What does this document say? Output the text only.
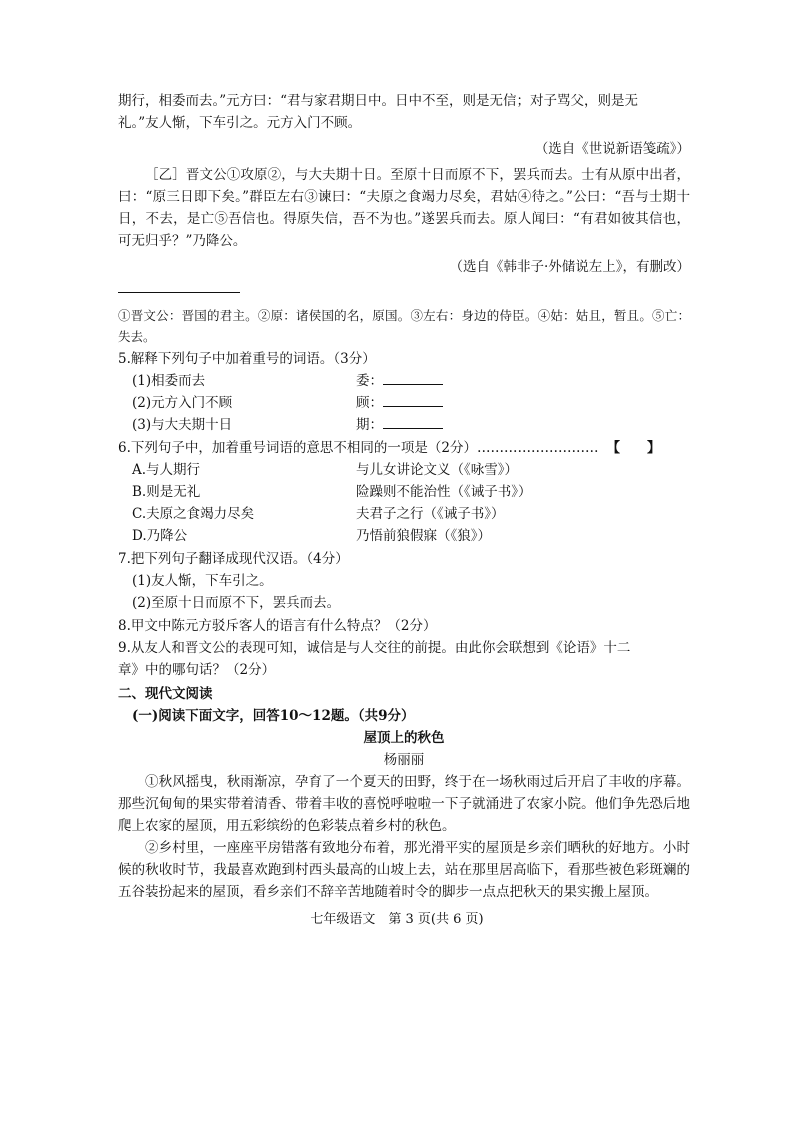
期行，相委而去。”元方曰：“君与家君期日中。日中不至，则是无信；对子骂父，则是无
礼。”友人惭，下车引之。元方入门不顾。
（选自《世说新语笺疏》）
［乙］晋文公①攻原②，与大夫期十日。至原十日而原不下，罢兵而去。士有从原中出者，曰：“原三日即下矣。”群臣左右③谏曰：“夫原之食竭力尽矣，君姑④待之。”公曰：“吾与士期十日，不去，是亡⑤吾信也。得原失信，吾不为也。”遂罢兵而去。原人闻曰：“有君如彼其信也，可无归乎？”乃降公。
（选自《韩非子·外储说左上》，有删改）
①晋文公：晋国的君主。②原：诸侯国的名，原国。③左右：身边的侍臣。④姑：姑且，暂且。⑤亡：失去。
5.解释下列句子中加着重号的词语。（3分）
(1)相委而去	委：
(2)元方入门不顾	顾：
(3)与大夫期十日	期：
6.下列句子中，加着重号词语的意思不相同的一项是（2分）……………………… 【　　】
A.与人期行	与儿女讲论文义（《咏雪》）
B.则是无礼	险躁则不能治性（《诫子书》）
C.夫原之食竭力尽矣	夫君子之行（《诫子书》）
D.乃降公	乃悟前狼假寐（《狼》）
7.把下列句子翻译成现代汉语。（4分）
(1)友人惭，下车引之。
(2)至原十日而原不下，罢兵而去。
8.甲文中陈元方驳斥客人的语言有什么特点？（2分）
9.从友人和晋文公的表现可知，诚信是与人交往的前提。由此你会联想到《论语》十二
章》中的哪句话？（2分）
二、现代文阅读
(一)阅读下面文字，回答10～12题。（共9分）
屋顶上的秋色
杨丽丽
①秋风摇曳，秋雨渐凉，孕育了一个夏天的田野，终于在一场秋雨过后开启了丰收的序幕。那些沉甸甸的果实带着清香、带着丰收的喜悦呼啦啦一下子就涌进了农家小院。他们争先恐后地爬上农家的屋顶，用五彩缤纷的色彩装点着乡村的秋色。
②乡村里，一座座平房错落有致地分布着，那光滑平实的屋顶是乡亲们晒秋的好地方。小时候的秋收时节，我最喜欢跑到村西头最高的山坡上去，站在那里居高临下，看那些被色彩斑斓的五谷装扮起来的屋顶，看乡亲们不辞辛苦地随着时令的脚步一点点把秋天的果实搬上屋顶。
七年级语文　第 3 页(共 6 页)
